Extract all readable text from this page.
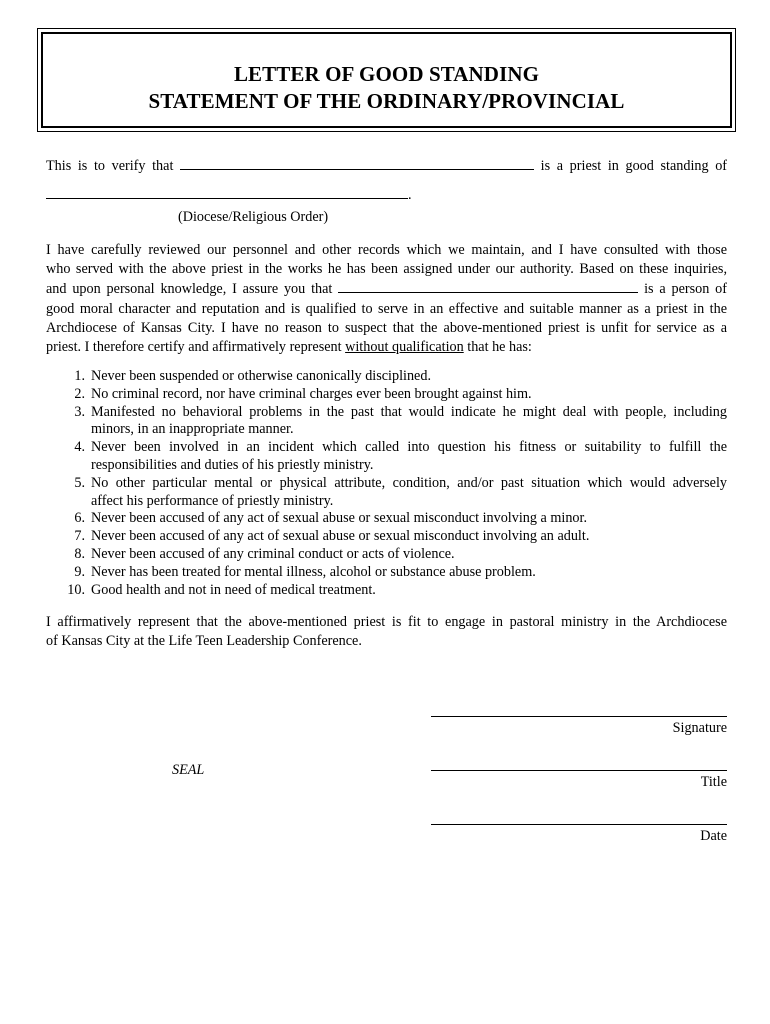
LETTER OF GOOD STANDING
STATEMENT OF THE ORDINARY/PROVINCIAL
This is to verify that	is a priest in good standing of
.
(Diocese/Religious Order)
I have carefully reviewed our personnel and other records which we maintain, and I have consulted with those
who served with the above priest in the works he has been assigned under our authority. Based on these inquiries,
and upon personal knowledge, I assure you that	is a person of
good moral character and reputation and is qualified to serve in an effective and suitable manner as a priest in the
Archdiocese of Kansas City. I have no reason to suspect that the above-mentioned priest is unfit for service as a
priest. I therefore certify and affirmatively represent without qualification that he has:
1. Never been suspended or otherwise canonically disciplined.
2. No criminal record, nor have criminal charges ever been brought against him.
3. Manifested no behavioral problems in the past that would indicate he might deal with people, including
minors, in an inappropriate manner.
4. Never been involved in an incident which called into question his fitness or suitability to fulfill the
responsibilities and duties of his priestly ministry.
5. No other particular mental or physical attribute, condition, and/or past situation which would adversely
affect his performance of priestly ministry.
6. Never been accused of any act of sexual abuse or sexual misconduct involving a minor.
7. Never been accused of any act of sexual abuse or sexual misconduct involving an adult.
8. Never been accused of any criminal conduct or acts of violence.
9. Never has been treated for mental illness, alcohol or substance abuse problem.
10. Good health and not in need of medical treatment.
I affirmatively represent that the above-mentioned priest is fit to engage in pastoral ministry in the Archdiocese
of Kansas City at the Life Teen Leadership Conference.
Signature
SEAL
Title
Date
